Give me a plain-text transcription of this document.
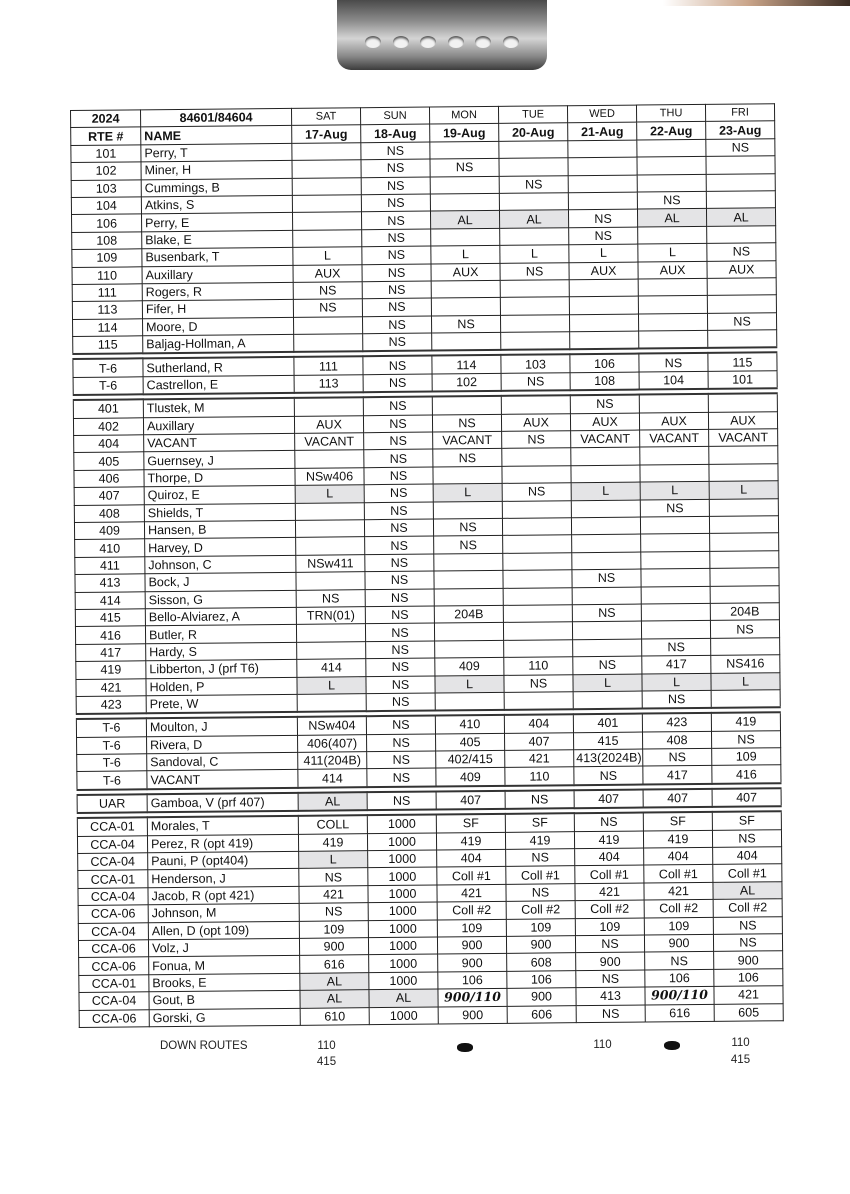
2024	84601/84604	SAT	SUN	MON	TUE	WED	THU	FRI
RTE #	NAME	17-Aug	18-Aug	19-Aug	20-Aug	21-Aug	22-Aug	23-Aug
101	Perry, T		NS					NS
102	Miner, H		NS	NS				
103	Cummings, B		NS		NS			
104	Atkins, S		NS				NS	
106	Perry, E		NS	AL	AL	NS	AL	AL
108	Blake, E		NS			NS		
109	Busenbark, T	L	NS	L	L	L	L	NS
110	Auxillary	AUX	NS	AUX	NS	AUX	AUX	AUX
111	Rogers, R	NS	NS					
113	Fifer, H	NS	NS					
114	Moore, D		NS	NS				NS
115	Baljag-Hollman, A		NS					

T-6	Sutherland, R	111	NS	114	103	106	NS	115
T-6	Castrellon, E	113	NS	102	NS	108	104	101

401	Tlustek, M		NS			NS		
402	Auxillary	AUX	NS	NS	AUX	AUX	AUX	AUX
404	VACANT	VACANT	NS	VACANT	NS	VACANT	VACANT	VACANT
405	Guernsey, J		NS	NS				
406	Thorpe, D	NSw406	NS					
407	Quiroz, E	L	NS	L	NS	L	L	L
408	Shields, T		NS				NS	
409	Hansen, B		NS	NS				
410	Harvey, D		NS	NS				
411	Johnson, C	NSw411	NS					
413	Bock, J		NS			NS		
414	Sisson, G	NS	NS					
415	Bello-Alviarez, A	TRN(01)	NS	204B		NS		204B
416	Butler, R		NS					NS
417	Hardy, S		NS				NS	
419	Libberton, J (prf T6)	414	NS	409	110	NS	417	NS416
421	Holden, P	L	NS	L	NS	L	L	L
423	Prete, W		NS				NS	

T-6	Moulton, J	NSw404	NS	410	404	401	423	419
T-6	Rivera, D	406(407)	NS	405	407	415	408	NS
T-6	Sandoval, C	411(204B)	NS	402/415	421	413(2024B)	NS	109
T-6	VACANT	414	NS	409	110	NS	417	416

UAR	Gamboa, V (prf 407)	AL	NS	407	NS	407	407	407

CCA-01	Morales, T	COLL	1000	SF	SF	NS	SF	SF
CCA-04	Perez, R (opt 419)	419	1000	419	419	419	419	NS
CCA-04	Pauni, P (opt404)	L	1000	404	NS	404	404	404
CCA-01	Henderson, J	NS	1000	Coll #1	Coll #1	Coll #1	Coll #1	Coll #1
CCA-04	Jacob, R (opt 421)	421	1000	421	NS	421	421	AL
CCA-06	Johnson, M	NS	1000	Coll #2	Coll #2	Coll #2	Coll #2	Coll #2
CCA-04	Allen, D (opt 109)	109	1000	109	109	109	109	NS
CCA-06	Volz, J	900	1000	900	900	NS	900	NS
CCA-06	Fonua, M	616	1000	900	608	900	NS	900
CCA-01	Brooks, E	AL	1000	106	106	NS	106	106
CCA-04	Gout, B	AL	AL	900/110	900	413	900/110	421
CCA-06	Gorski, G	610	1000	900	606	NS	616	605
DOWN ROUTES	110
415
110	110
415
